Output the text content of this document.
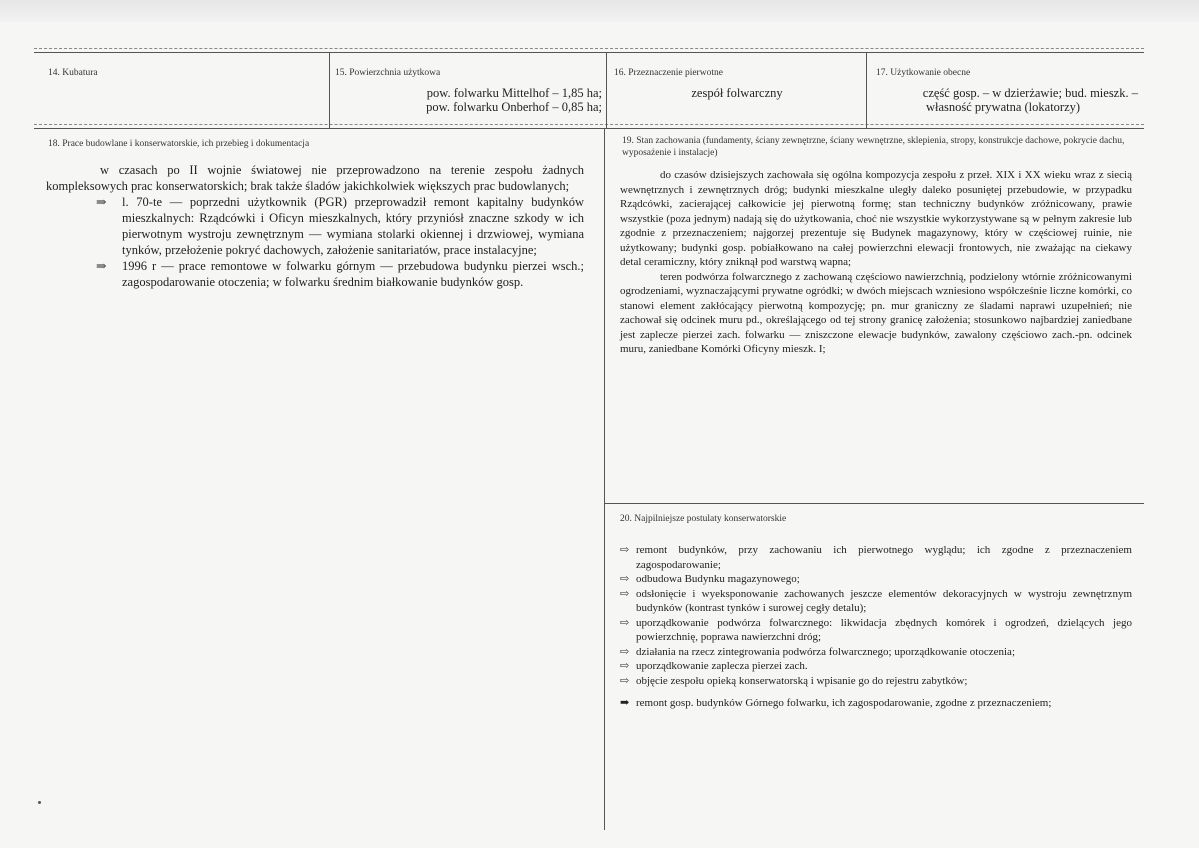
14. Kubatura	15. Powierzchnia użytkowa
pow. folwarku Mittelhof – 1,85 ha;
pow. folwarku Onberhof – 0,85 ha;
16. Przeznaczenie pierwotne
zespół folwarczny
17. Użytkowanie obecne
część gosp. – w dzierżawie; bud. mieszk. –
własność prywatna (lokatorzy)
18. Prace budowlane i konserwatorskie, ich przebieg i dokumentacja

w czasach po II wojnie światowej nie przeprowadzono na terenie zespołu żadnych kompleksowych prac konserwatorskich; brak także śladów jakichkolwiek większych prac budowlanych;

⇒ l. 70-te — poprzedni użytkownik (PGR) przeprowadził remont kapitalny budynków mieszkalnych: Rządcówki i Oficyn mieszkalnych, który przyniósł znaczne szkody w ich pierwotnym wystroju zewnętrznym — wymiana stolarki okiennej i drzwiowej, wymiana tynków, przełożenie pokryć dachowych, założenie sanitariatów, prace instalacyjne;
⇒ 1996 r — prace remontowe w folwarku górnym — przebudowa budynku pierzei wsch.; zagospodarowanie otoczenia; w folwarku średnim białkowanie budynków gosp.
19. Stan zachowania (fundamenty, ściany zewnętrzne, ściany wewnętrzne, sklepienia, stropy, konstrukcje dachowe, pokrycie dachu, wyposażenie i instalacje)

do czasów dzisiejszych zachowała się ogólna kompozycja zespołu z przeł. XIX i XX wieku wraz z siecią wewnętrznych i zewnętrznych dróg; budynki mieszkalne uległy daleko posuniętej przebudowie, w przypadku Rządcówki, zacierającej całkowicie jej pierwotną formę; stan techniczny budynków zróżnicowany, prawie wszystkie (poza jednym) nadają się do użytkowania, choć nie wszystkie wykorzystywane są w pełnym zakresie lub zgodnie z przeznaczeniem; najgorzej prezentuje się Budynek magazynowy, który w częściowej ruinie, nie użytkowany; budynki gosp. pobiałkowano na całej powierzchni elewacji frontowych, nie zważając na ciekawy detal ceramiczny, który zniknął pod warstwą wapna;

teren podwórza folwarcznego z zachowaną częściowo nawierzchnią, podzielony wtórnie zróżnicowanymi ogrodzeniami, wyznaczającymi prywatne ogródki; w dwóch miejscach wzniesiono współcześnie liczne komórki, co stanowi element zakłócający pierwotną kompozycję; pn. mur graniczny ze śladami naprawi uzupełnień; nie zachował się odcinek muru pd., określającego od tej strony granicę założenia; stosunkowo najbardziej zaniedbane jest zaplecze pierzei zach. folwarku — zniszczone elewacje budynków, zawalony częściowo zach.-pn. odcinek muru, zaniedbane Komórki Oficyny mieszk. I;

20. Najpilniejsze postulaty konserwatorskie
⇨ remont budynków, przy zachowaniu ich pierwotnego wyglądu; ich zgodne z przeznaczeniem zagospodarowanie;
⇨ odbudowa Budynku magazynowego;
⇨ odsłonięcie i wyeksponowanie zachowanych jeszcze elementów dekoracyjnych w wystroju zewnętrznym budynków (kontrast tynków i surowej cegły detalu);
⇨ uporządkowanie podwórza folwarcznego: likwidacja zbędnych komórek i ogrodzeń, dzielących jego powierzchnię, poprawa nawierzchni dróg;
⇨ działania na rzecz zintegrowania podwórza folwarcznego; uporządkowanie otoczenia;
⇨ uporządkowanie zaplecza pierzei zach.
⇨ objęcie zespołu opieką konserwatorską i wpisanie go do rejestru zabytków;
➡ remont gosp. budynków Górnego folwarku, ich zagospodarowanie, zgodne z przeznaczeniem;
